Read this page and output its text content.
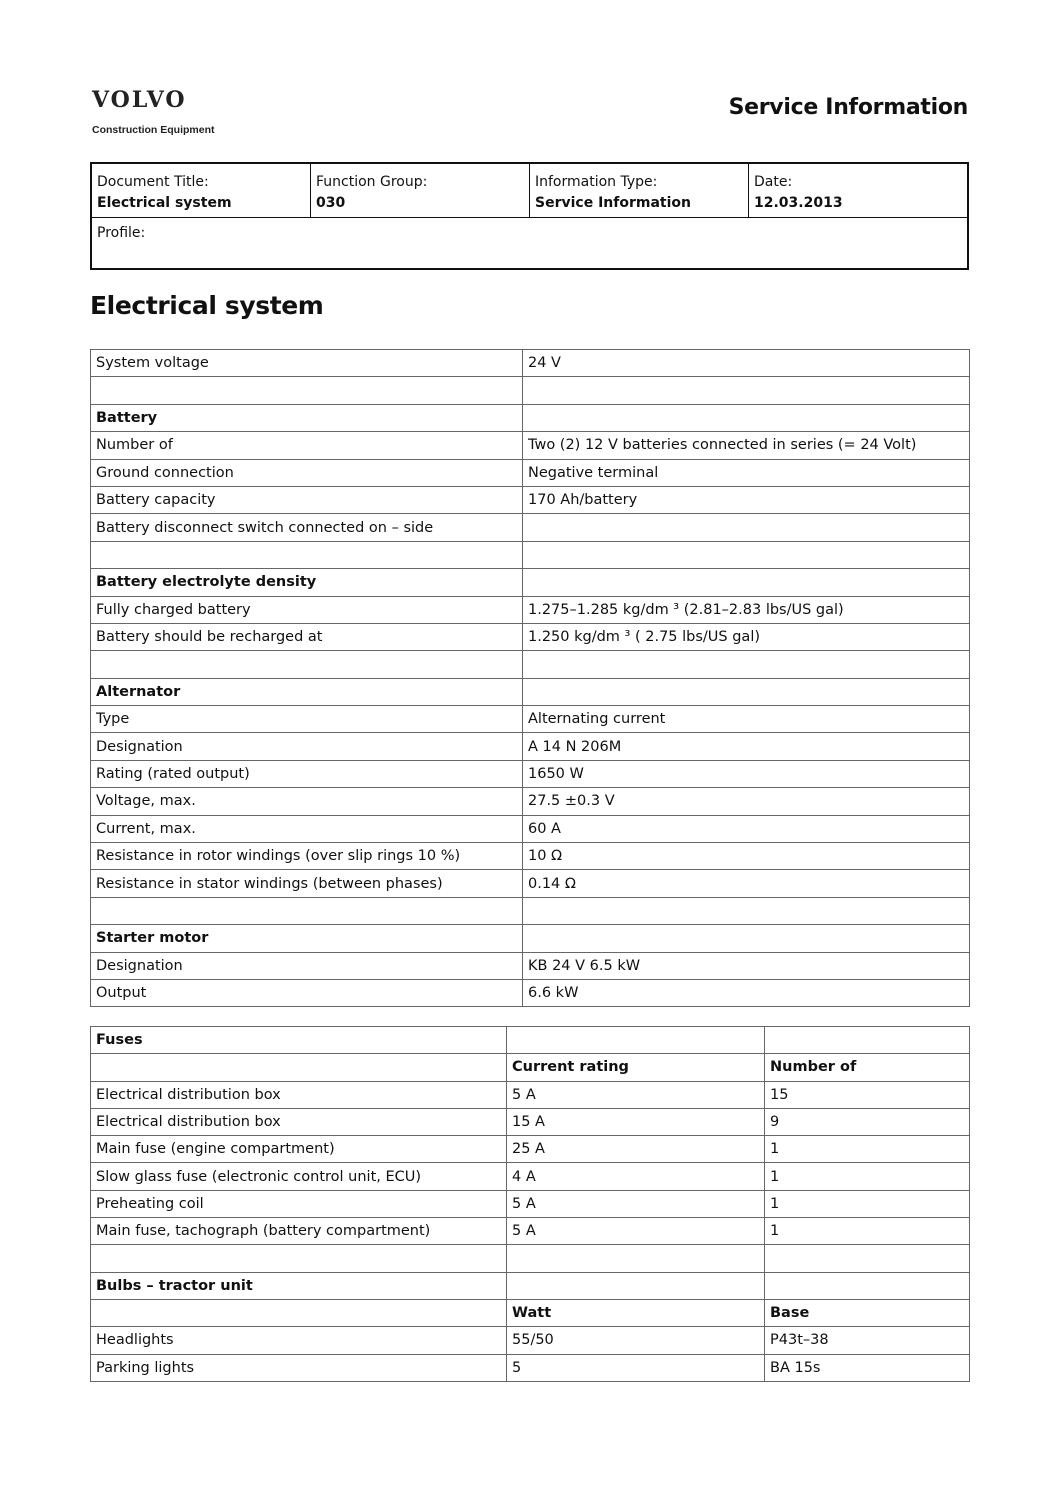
VOLVO
Construction Equipment
Service Information
Document Title:
Electrical system
Function Group:
030
Information Type:
Service Information
Date:
12.03.2013
Profile:
Electrical system
System voltage	24 V

Battery	
Number of	Two (2) 12 V batteries connected in series (= 24 Volt)
Ground connection	Negative terminal
Battery capacity	170 Ah/battery
Battery disconnect switch connected on – side	

Battery electrolyte density	
Fully charged battery	1.275–1.285 kg/dm ³ (2.81–2.83 lbs/US gal)
Battery should be recharged at	1.250 kg/dm ³ ( 2.75 lbs/US gal)

Alternator	
Type	Alternating current
Designation	A 14 N 206M
Rating (rated output)	1650 W
Voltage, max.	27.5 ±0.3 V
Current, max.	60 A
Resistance in rotor windings (over slip rings 10 %)	10 Ω
Resistance in stator windings (between phases)	0.14 Ω

Starter motor	
Designation	KB 24 V 6.5 kW
Output	6.6 kW
Fuses		
	Current rating	Number of
Electrical distribution box	5 A	15
Electrical distribution box	15 A	9
Main fuse (engine compartment)	25 A	1
Slow glass fuse (electronic control unit, ECU)	4 A	1
Preheating coil	5 A	1
Main fuse, tachograph (battery compartment)	5 A	1

Bulbs – tractor unit		
	Watt	Base
Headlights	55/50	P43t–38
Parking lights	5	BA 15s
